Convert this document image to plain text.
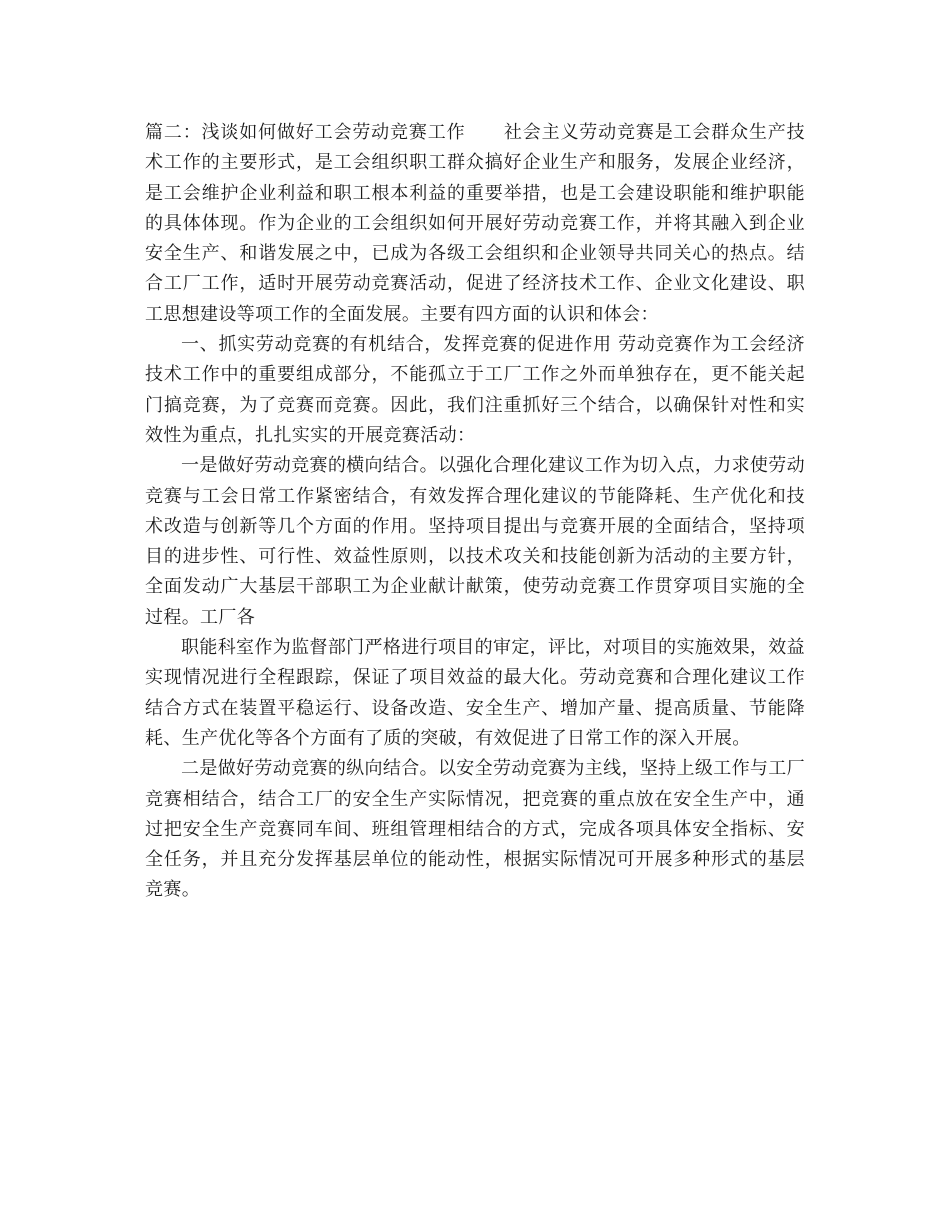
篇二：浅谈如何做好工会劳动竞赛工作 社会主义劳动竞赛是工会群众生产技术工作的主要形式，是工会组织职工群众搞好企业生产和服务，发展企业经济，是工会维护企业利益和职工根本利益的重要举措，也是工会建设职能和维护职能的具体体现。作为企业的工会组织如何开展好劳动竞赛工作，并将其融入到企业安全生产、和谐发展之中，已成为各级工会组织和企业领导共同关心的热点。结合工厂工作，适时开展劳动竞赛活动，促进了经济技术工作、企业文化建设、职工思想建设等项工作的全面发展。主要有四方面的认识和体会：

一、抓实劳动竞赛的有机结合，发挥竞赛的促进作用 劳动竞赛作为工会经济技术工作中的重要组成部分，不能孤立于工厂工作之外而单独存在，更不能关起门搞竞赛，为了竞赛而竞赛。因此，我们注重抓好三个结合，以确保针对性和实效性为重点，扎扎实实的开展竞赛活动：

一是做好劳动竞赛的横向结合。以强化合理化建议工作为切入点，力求使劳动竞赛与工会日常工作紧密结合，有效发挥合理化建议的节能降耗、生产优化和技术改造与创新等几个方面的作用。坚持项目提出与竞赛开展的全面结合，坚持项目的进步性、可行性、效益性原则，以技术攻关和技能创新为活动的主要方针，全面发动广大基层干部职工为企业献计献策，使劳动竞赛工作贯穿项目实施的全过程。工厂各

职能科室作为监督部门严格进行项目的审定，评比，对项目的实施效果，效益实现情况进行全程跟踪，保证了项目效益的最大化。劳动竞赛和合理化建议工作结合方式在装置平稳运行、设备改造、安全生产、增加产量、提高质量、节能降耗、生产优化等各个方面有了质的突破，有效促进了日常工作的深入开展。

二是做好劳动竞赛的纵向结合。以安全劳动竞赛为主线，坚持上级工作与工厂竞赛相结合，结合工厂的安全生产实际情况，把竞赛的重点放在安全生产中，通过把安全生产竞赛同车间、班组管理相结合的方式，完成各项具体安全指标、安全任务，并且充分发挥基层单位的能动性，根据实际情况可开展多种形式的基层竞赛。
